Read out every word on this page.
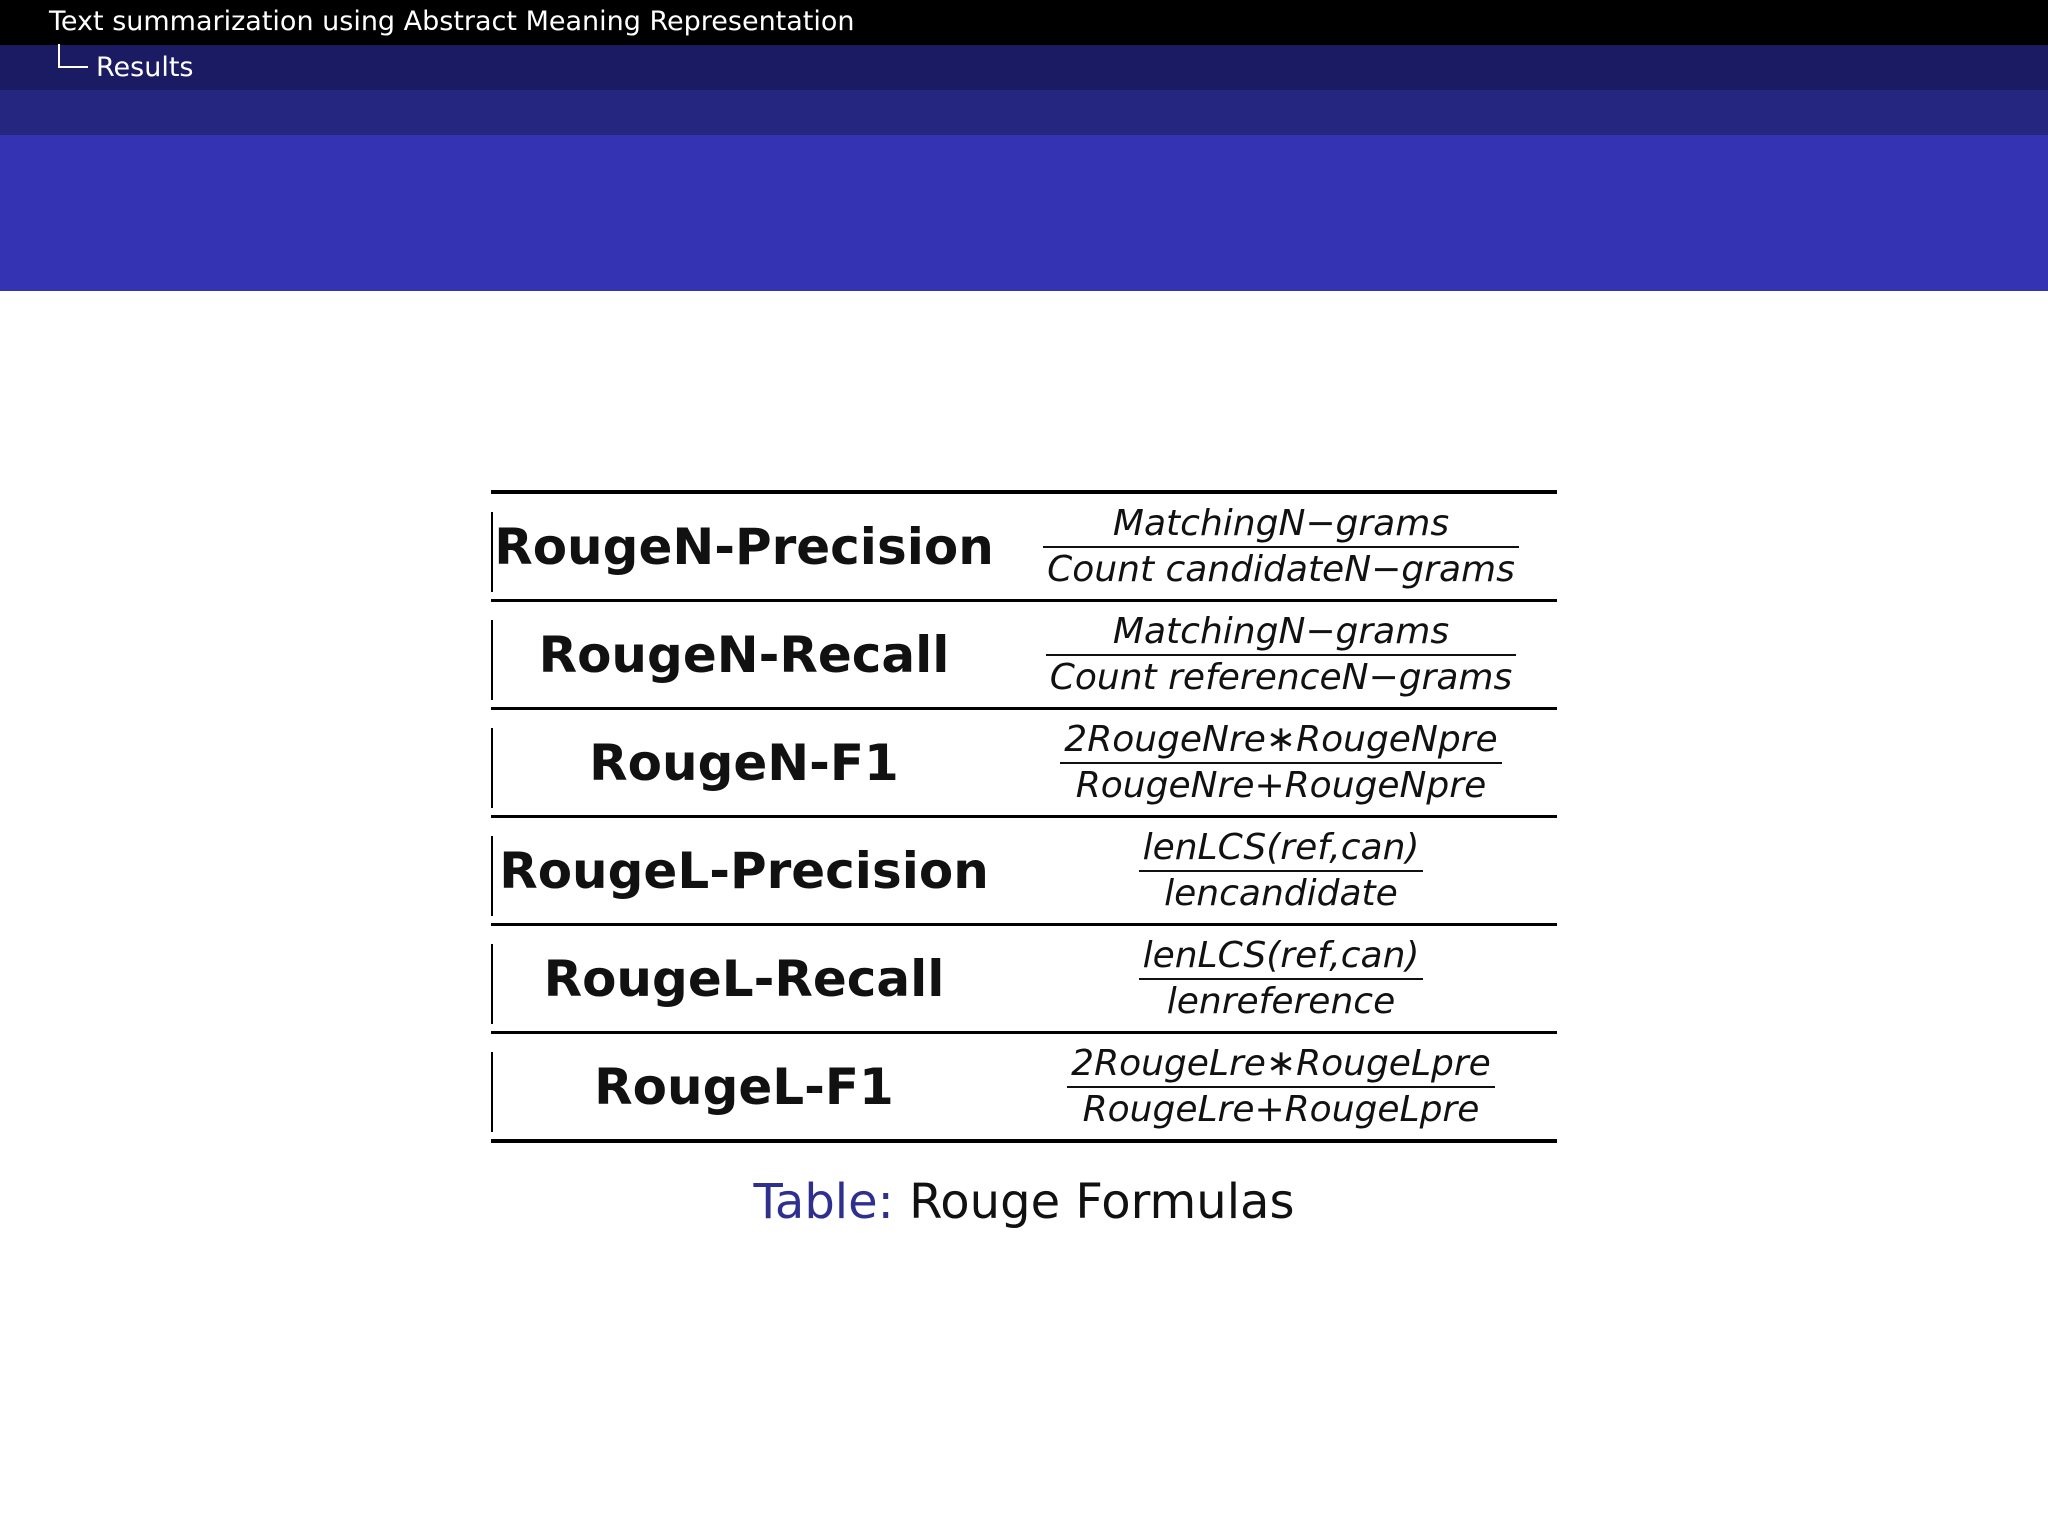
Text summarization using Abstract Meaning Representation
Results
Rouge
RougeN-Precision $\frac{\text{MatchingN−grams}}{\text{Count candidateN−grams}}$
RougeN-Recall	$\frac{\text{MatchingN−grams}}{\text{Count referenceN−grams}}$
RougeN-F1	$\frac{\text{2RougeNre∗RougeNpre}}{\text{RougeNre+RougeNpre}}$
RougeL-Precision	$\frac{\text{lenLCS(ref,can)}}{\text{lencandidate}}$
RougeL-Recall	$\frac{\text{lenLCS(ref,can)}}{\text{lenreference}}$
RougeL-F1	$\frac{\text{2RougeLre∗RougeLpre}}{\text{RougeLre+RougeLpre}}$
Table: Rouge Formulas
